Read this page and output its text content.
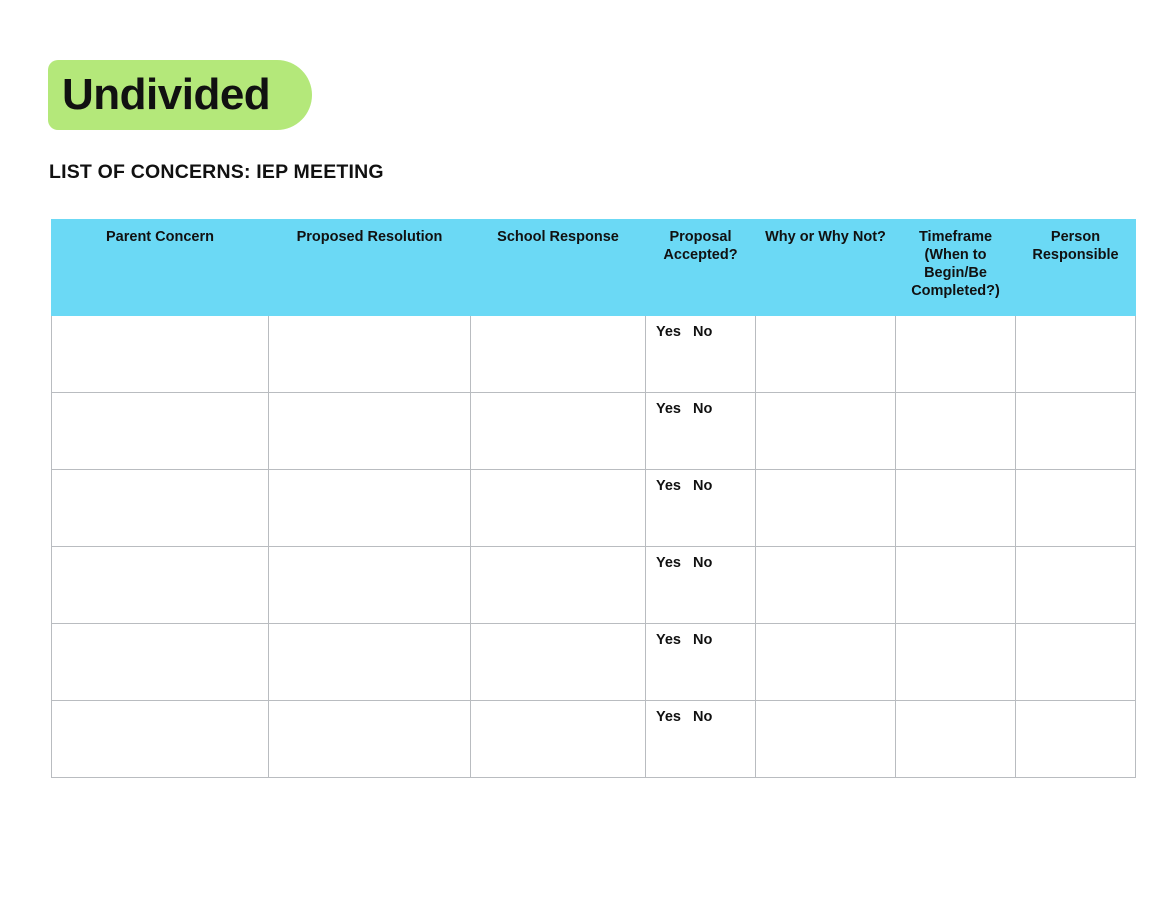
Undivided
LIST OF CONCERNS: IEP MEETING
Parent Concern	Proposed Resolution	School Response	Proposal Accepted?	Why or Why Not?	Timeframe (When to Begin/Be Completed?)	Person Responsible
			Yes No			
			Yes No			
			Yes No			
			Yes No			
			Yes No			
			Yes No			
